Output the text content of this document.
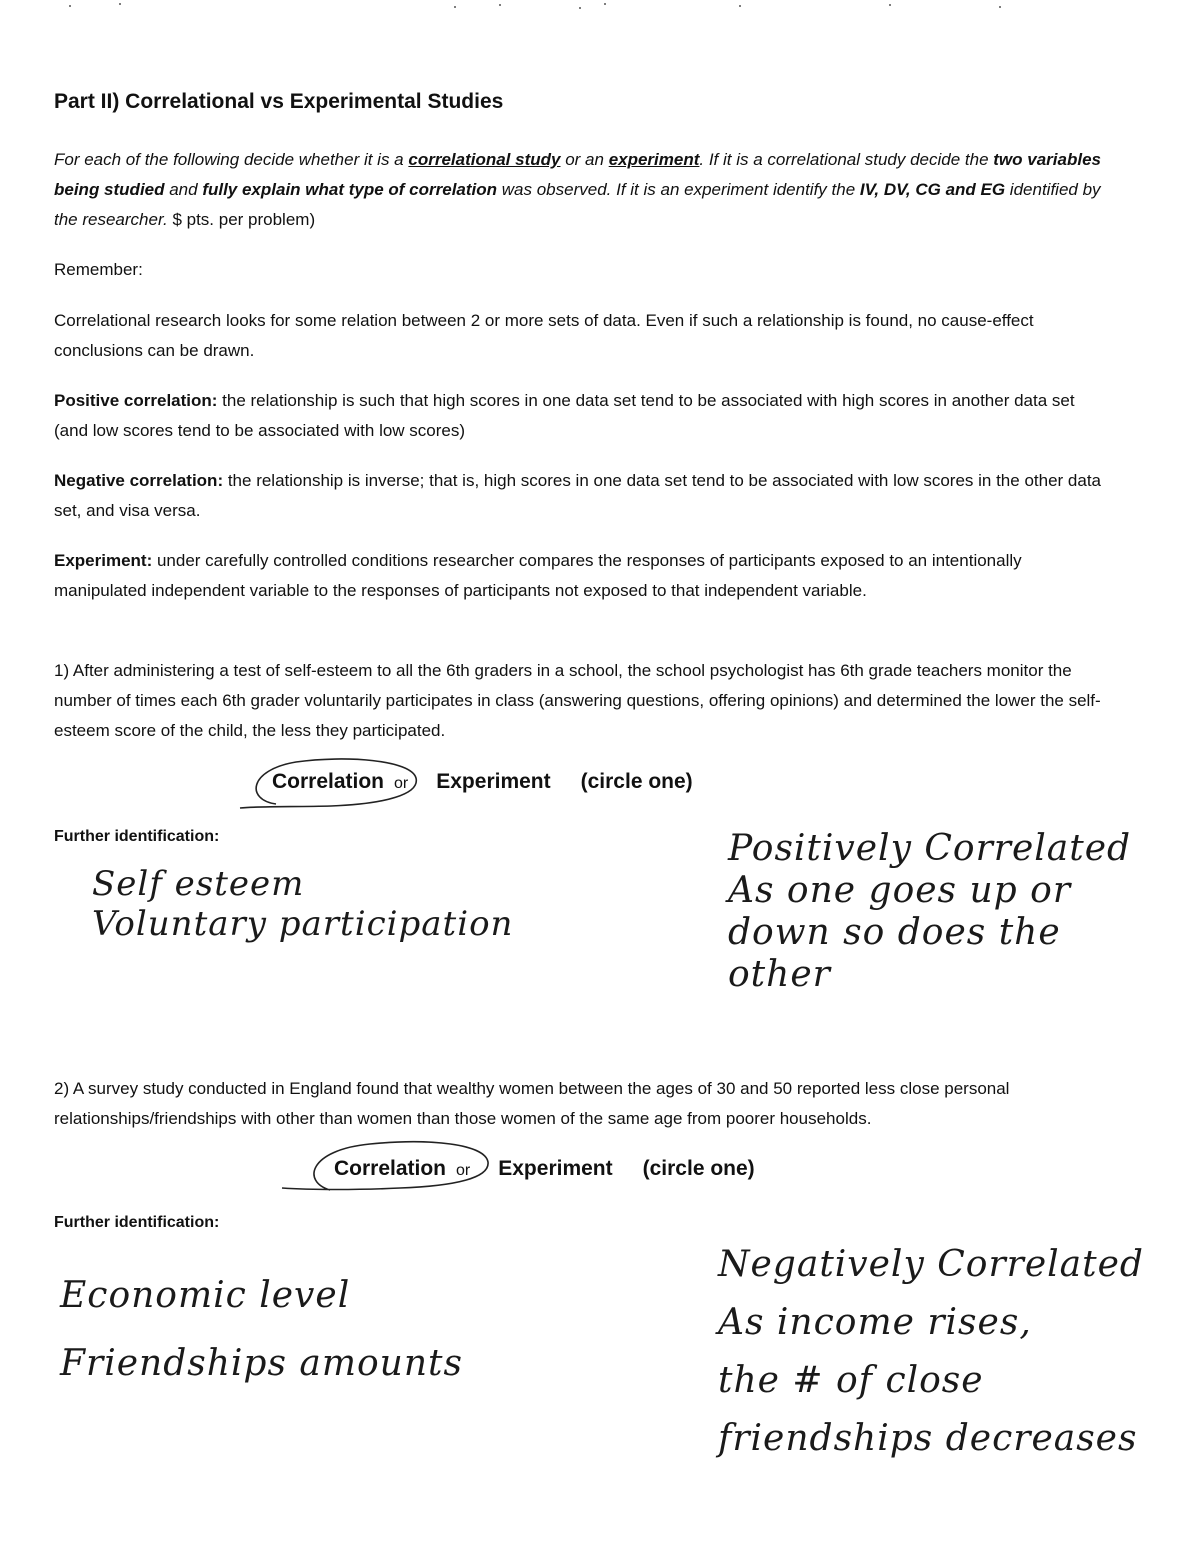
Part II) Correlational vs Experimental Studies
For each of the following decide whether it is a correlational study or an experiment. If it is a correlational study decide the two variables being studied and fully explain what type of correlation was observed. If it is an experiment identify the IV, DV, CG and EG identified by the researcher. $ pts. per problem)
Remember:
Correlational research looks for some relation between 2 or more sets of data. Even if such a relationship is found, no cause-effect conclusions can be drawn.
Positive correlation: the relationship is such that high scores in one data set tend to be associated with high scores in another data set (and low scores tend to be associated with low scores)
Negative correlation: the relationship is inverse; that is, high scores in one data set tend to be associated with low scores in the other data set, and visa versa.
Experiment: under carefully controlled conditions researcher compares the responses of participants exposed to an intentionally manipulated independent variable to the responses of participants not exposed to that independent variable.
1) After administering a test of self-esteem to all the 6th graders in a school, the school psychologist has 6th grade teachers monitor the number of times each 6th grader voluntarily participates in class (answering questions, offering opinions) and determined the lower the self-esteem score of the child, the less they participated.
Correlation or Experiment (circle one)
Further identification:
Self esteem
Voluntary participation
Positively Correlated
As one goes up or
down so does the
other
2) A survey study conducted in England found that wealthy women between the ages of 30 and 50 reported less close personal relationships/friendships with other than women than those women of the same age from poorer households.
Correlation or Experiment (circle one)
Further identification:
Economic level
Friendships amounts
Negatively Correlated
As income rises,
the # of close
friendships decreases
